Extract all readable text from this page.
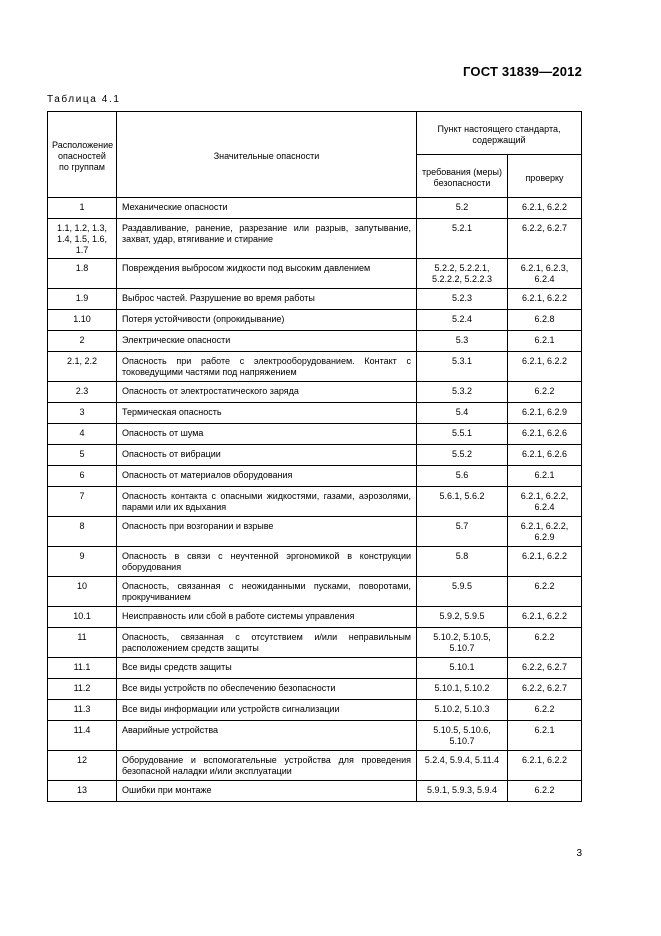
ГОСТ 31839—2012
Таблица 4.1
Расположение опасностей по группам	Значительные опасности	Пункт настоящего стандарта, содержащий	

		требования (меры) безопасности	проверку

1	Механические опасности	5.2	6.2.1, 6.2.2

1.1, 1.2, 1.3, 1.4, 1.5, 1.6, 1.7	Раздавливание, ранение, разрезание или разрыв, запутывание, захват, удар, втягивание и стирание	5.2.1	6.2.2, 6.2.7

1.8	Повреждения выбросом жидкости под высоким давлением	5.2.2, 5.2.2.1, 5.2.2.2, 5.2.2.3	6.2.1, 6.2.3, 6.2.4

1.9	Выброс частей. Разрушение во время работы	5.2.3	6.2.1, 6.2.2

1.10	Потеря устойчивости (опрокидывание)	5.2.4	6.2.8

2	Электрические опасности	5.3	6.2.1

2.1, 2.2	Опасность при работе с электрооборудованием. Контакт с токоведущими частями под напряжением	5.3.1	6.2.1, 6.2.2

2.3	Опасность от электростатического заряда	5.3.2	6.2.2

3	Термическая опасность	5.4	6.2.1, 6.2.9

4	Опасность от шума	5.5.1	6.2.1, 6.2.6

5	Опасность от вибрации	5.5.2	6.2.1, 6.2.6

6	Опасность от материалов оборудования	5.6	6.2.1

7	Опасность контакта с опасными жидкостями, газами, аэрозолями, парами или их вдыхания	5.6.1, 5.6.2	6.2.1, 6.2.2, 6.2.4

8	Опасность при возгорании и взрыве	5.7	6.2.1, 6.2.2, 6.2.9

9	Опасность в связи с неучтенной эргономикой в конструкции оборудования	5.8	6.2.1, 6.2.2

10	Опасность, связанная с неожиданными пусками, поворотами, прокручиванием	5.9.5	6.2.2

10.1	Неисправность или сбой в работе системы управления	5.9.2, 5.9.5	6.2.1, 6.2.2

11	Опасность, связанная с отсутствием и/или неправильным расположением средств защиты	5.10.2, 5.10.5, 5.10.7	6.2.2

11.1	Все виды средств защиты	5.10.1	6.2.2, 6.2.7

11.2	Все виды устройств по обеспечению безопасности	5.10.1, 5.10.2	6.2.2, 6.2.7

11.3	Все виды информации или устройств сигнализации	5.10.2, 5.10.3	6.2.2

11.4	Аварийные устройства	5.10.5, 5.10.6, 5.10.7	6.2.1

12	Оборудование и вспомогательные устройства для проведения безопасной наладки и/или эксплуатации	5.2.4, 5.9.4, 5.11.4	6.2.1, 6.2.2

13	Ошибки при монтаже	5.9.1, 5.9.3, 5.9.4	6.2.2
3
